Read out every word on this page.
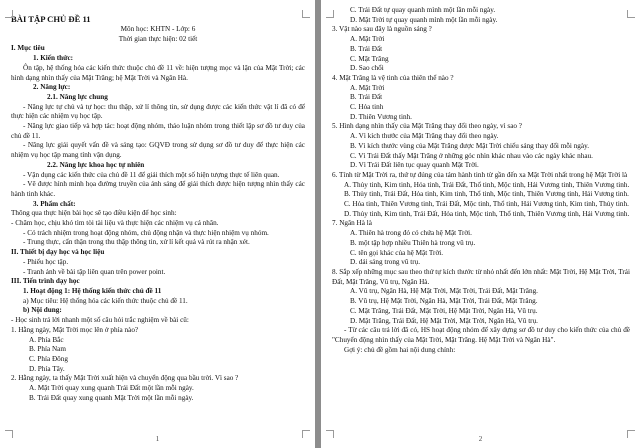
BÀI TẬP CHỦ ĐỀ 11

Môn học: KHTN - Lớp: 6

Thời gian thực hiện: 02 tiết

I. Mục tiêu

1. Kiến thức:

Ôn tập, hệ thống hóa các kiến thức thuộc chủ đề 11 về: hiện tượng mọc và lặn của Mặt Trời; các hình dạng nhìn thấy của Mặt Trăng; hệ Mặt Trời và Ngân Hà.

2. Năng lực:

2.1. Năng lực chung

- Năng lực tự chủ và tự học: thu thập, xử lí thông tin, sử dụng được các kiến thức vật lí đã có để thực hiện các nhiệm vụ học tập.

- Năng lực giao tiếp và hợp tác: hoạt động nhóm, thảo luận nhóm trong thiết lập sơ đồ tư duy của chủ đề 11.

- Năng lực giải quyết vấn đề và sáng tạo: GQVĐ trong sử dụng sơ đồ tư duy để thực hiện các nhiệm vụ học tập mang tính vận dụng.

2.2. Năng lực khoa học tự nhiên

- Vận dụng các kiến thức của chủ đề 11 để giải thích một số hiện tượng thực tế liên quan.

- Vẽ được hình minh họa đường truyền của ánh sáng để giải thích được hiện tượng nhìn thấy các hành tinh khác.

3. Phẩm chất:

Thông qua thực hiện bài học sẽ tạo điều kiện để học sinh:

- Chăm học, chịu khó tìm tòi tài liệu và thực hiện các nhiệm vụ cá nhân.

- Có trách nhiệm trong hoạt động nhóm, chủ động nhận và thực hiện nhiệm vụ nhóm.

- Trung thực, cẩn thận trong thu thập thông tin, xử lí kết quả và rút ra nhận xét.

II. Thiết bị dạy học và học liệu

- Phiếu học tập.

- Tranh ảnh về bài tập liên quan trên power point.

III. Tiến trình dạy học

1. Hoạt động 1: Hệ thống kiến thức chủ đề 11

a) Mục tiêu: Hệ thống hóa các kiến thức thuộc chủ đề 11.

b) Nội dung:

- Học sinh trả lời nhanh một số câu hỏi trắc nghiệm về bài cũ:

1. Hằng ngày, Mặt Trời mọc lên ở phía nào?

A. Phía Bắc

B. Phía Nam

C. Phía Đông

D. Phía Tây.

2. Hằng ngày, ta thấy Mặt Trời xuất hiện và chuyển động qua bầu trời. Vì sao ?

A. Mặt Trời quay xung quanh Trái Đất một lần mỗi ngày.

B. Trái Đất quay xung quanh Mặt Trời một lần mỗi ngày.

1

C. Trái Đất tự quay quanh mình một lần mỗi ngày.

D. Mặt Trời tự quay quanh mình một lần mỗi ngày.

3. Vật nào sau đây là nguồn sáng ?

A. Mặt Trời

B. Trái Đất

C. Mặt Trăng

D. Sao chổi

4. Mặt Trăng là vệ tinh của thiên thể nào ?

A. Mặt Trời

B. Trái Đất

C. Hỏa tinh

D. Thiên Vương tinh.

5. Hình dạng nhìn thấy của Mặt Trăng thay đổi theo ngày, vì sao ?

A. Vì kích thước của Mặt Trăng thay đổi theo ngày.

B. Vì kích thước vùng của Mặt Trăng được Mặt Trời chiếu sáng thay đổi mỗi ngày.

C. Vì Trái Đất thấy Mặt Trăng ở những góc nhìn khác nhau vào các ngày khác nhau.

D. Vì Trái Đất liên tục quay quanh Mặt Trời.

6. Tính từ Mặt Trời ra, thứ tự đúng của tám hành tinh từ gần đến xa Mặt Trời nhất trong hệ Mặt Trời là

A. Thủy tinh, Kim tinh, Hỏa tinh, Trái Đất, Thổ tinh, Mộc tinh, Hải Vương tinh, Thiên Vương tinh.

B. Thủy tinh, Trái Đất, Hỏa tinh, Kim tinh, Thổ tinh, Mộc tinh, Thiên Vương tinh, Hải Vương tinh.

C. Hỏa tinh, Thiên Vương tinh, Trái Đất, Mộc tinh, Thổ tinh, Hải Vương tinh, Kim tinh, Thủy tinh.

D. Thủy tinh, Kim tinh, Trái Đất, Hỏa tinh, Mộc tinh, Thổ tinh, Thiên Vương tinh, Hải Vương tinh.

7. Ngân Hà là

A. Thiên hà trong đó có chứa hệ Mặt Trời.

B. một tập hợp nhiều Thiên hà trong vũ trụ.

C. tên gọi khác của hệ Mặt Trời.

D. dải sáng trong vũ trụ.

8. Sắp xếp những mục sau theo thứ tự kích thước từ nhỏ nhất đến lớn nhất: Mặt Trời, Hệ Mặt Trời, Trái Đất, Mặt Trăng, Vũ trụ, Ngân Hà.

A. Vũ trụ, Ngân Hà, Hệ Mặt Trời, Mặt Trời, Trái Đất, Mặt Trăng.

B. Vũ trụ, Hệ Mặt Trời, Ngân Hà, Mặt Trời, Trái Đất, Mặt Trăng.

C. Mặt Trăng, Trái Đất, Mặt Trời, Hệ Mặt Trời, Ngân Hà, Vũ trụ.

D. Mặt Trăng, Trái Đất, Hệ Mặt Trời, Mặt Trời, Ngân Hà, Vũ trụ.

- Từ các câu trả lời đã có, HS hoạt động nhóm để xây dựng sơ đồ tư duy cho kiến thức của chủ đề "Chuyển động nhìn thấy của Mặt Trời, Mặt Trăng. Hệ Mặt Trời và Ngân Hà".

Gợi ý: chủ đề gồm hai nội dung chính:

2
